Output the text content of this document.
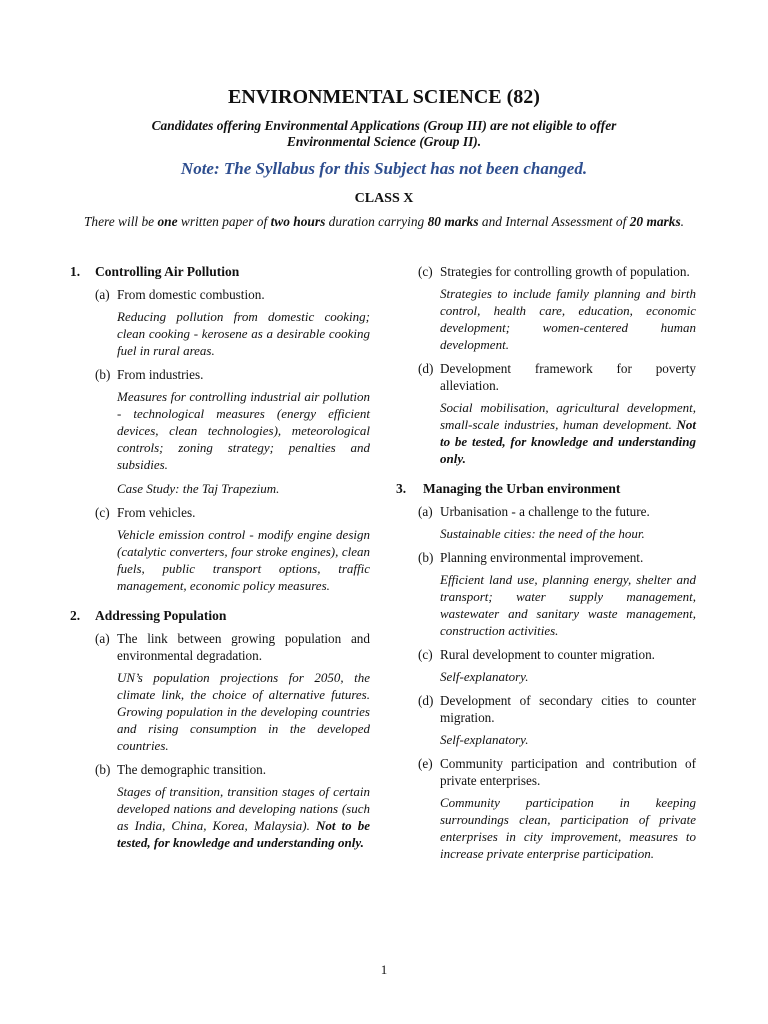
ENVIRONMENTAL SCIENCE (82)
Candidates offering Environmental Applications (Group III) are not eligible to offer Environmental Science (Group II).
Note: The Syllabus for this Subject has not been changed.
CLASS X
There will be one written paper of two hours duration carrying 80 marks and Internal Assessment of 20 marks.
1.	Controlling Air Pollution
(a) From domestic combustion.
Reducing pollution from domestic cooking; clean cooking - kerosene as a desirable cooking fuel in rural areas.
(b) From industries.
Measures for controlling industrial air pollution - technological measures (energy efficient devices, clean technologies), meteorological controls; zoning strategy; penalties and subsidies.
Case Study: the Taj Trapezium.
(c) From vehicles.
Vehicle emission control - modify engine design (catalytic converters, four stroke engines), clean fuels, public transport options, traffic management, economic policy measures.
2.	Addressing Population
(a) The link between growing population and environmental degradation.
UN’s population projections for 2050, the climate link, the choice of alternative futures. Growing population in the developing countries and rising consumption in the developed countries.
(b) The demographic transition.
Stages of transition, transition stages of certain developed nations and developing nations (such as India, China, Korea, Malaysia). Not to be tested, for knowledge and understanding only.
(c) Strategies for controlling growth of population.
Strategies to include family planning and birth control, health care, education, economic development; women-centered human development.
(d) Development framework for poverty alleviation.
Social mobilisation, agricultural development, small-scale industries, human development. Not to be tested, for knowledge and understanding only.
3.	Managing the Urban environment
(a) Urbanisation - a challenge to the future.
Sustainable cities: the need of the hour.
(b) Planning environmental improvement.
Efficient land use, planning energy, shelter and transport; water supply management, wastewater and sanitary waste management, construction activities.
(c) Rural development to counter migration.
Self-explanatory.
(d) Development of secondary cities to counter migration.
Self-explanatory.
(e) Community participation and contribution of private enterprises.
Community participation in keeping surroundings clean, participation of private enterprises in city improvement, measures to increase private enterprise participation.
1
